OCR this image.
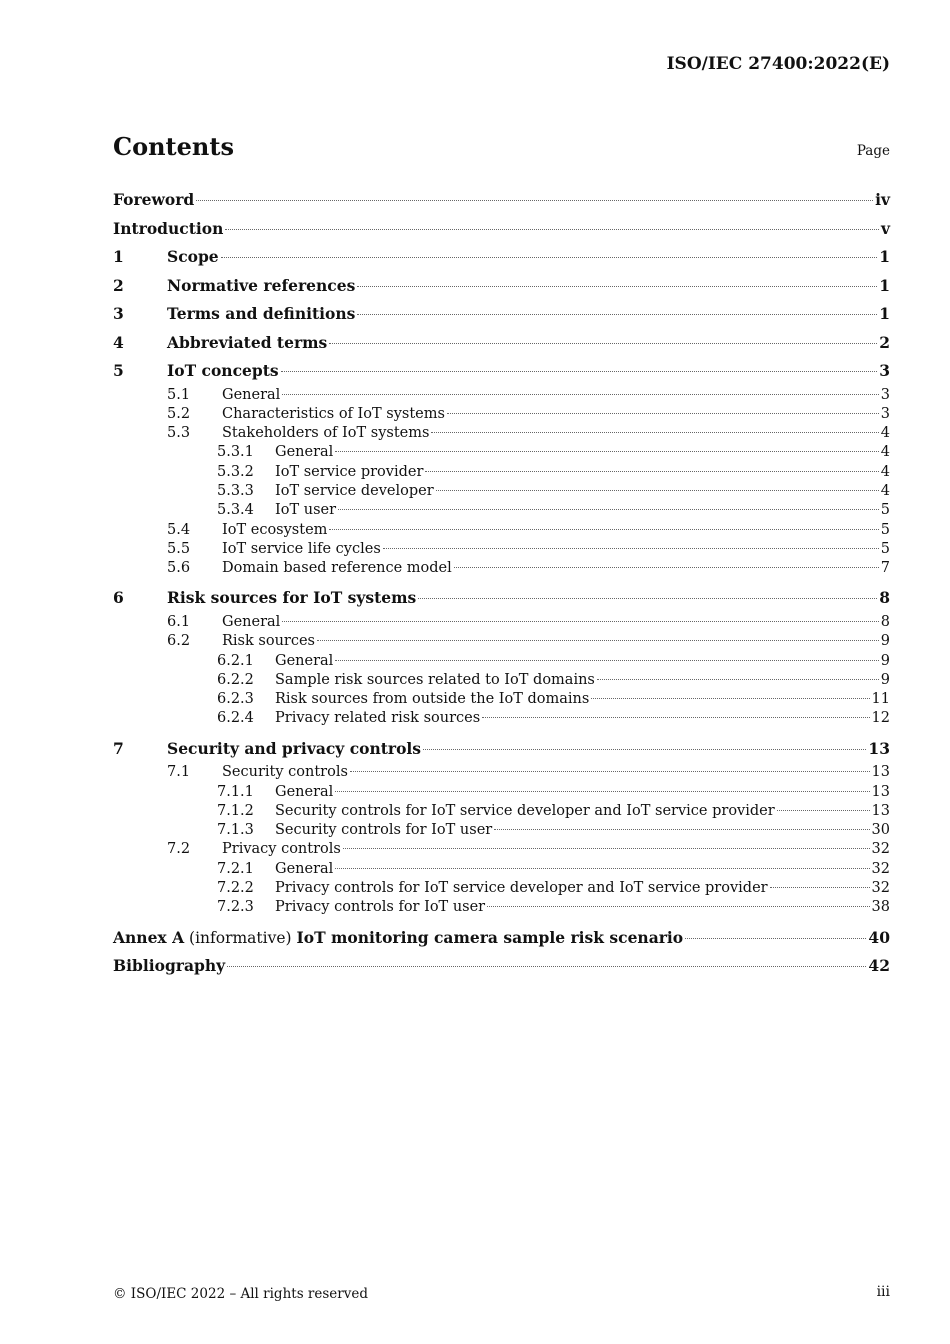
ISO/IEC 27400:2022(E)
Contents	Page
Foreword	iv
Introduction	v
1	Scope	1
2	Normative references	1
3	Terms and definitions	1
4	Abbreviated terms	2
5	IoT concepts	3
5.1	General	3
5.2	Characteristics of IoT systems	3
5.3	Stakeholders of IoT systems	4
5.3.1	General	4
5.3.2	IoT service provider	4
5.3.3	IoT service developer	4
5.3.4	IoT user	5
5.4	IoT ecosystem	5
5.5	IoT service life cycles	5
5.6	Domain based reference model	7
6	Risk sources for IoT systems	8
6.1	General	8
6.2	Risk sources	9
6.2.1	General	9
6.2.2	Sample risk sources related to IoT domains	9
6.2.3	Risk sources from outside the IoT domains	11
6.2.4	Privacy related risk sources	12
7	Security and privacy controls	13
7.1	Security controls	13
7.1.1	General	13
7.1.2	Security controls for IoT service developer and IoT service provider	13
7.1.3	Security controls for IoT user	30
7.2	Privacy controls	32
7.2.1	General	32
7.2.2	Privacy controls for IoT service developer and IoT service provider	32
7.2.3	Privacy controls for IoT user	38
Annex A (informative) IoT monitoring camera sample risk scenario	40
Bibliography	42
© ISO/IEC 2022 – All rights reserved	iii
